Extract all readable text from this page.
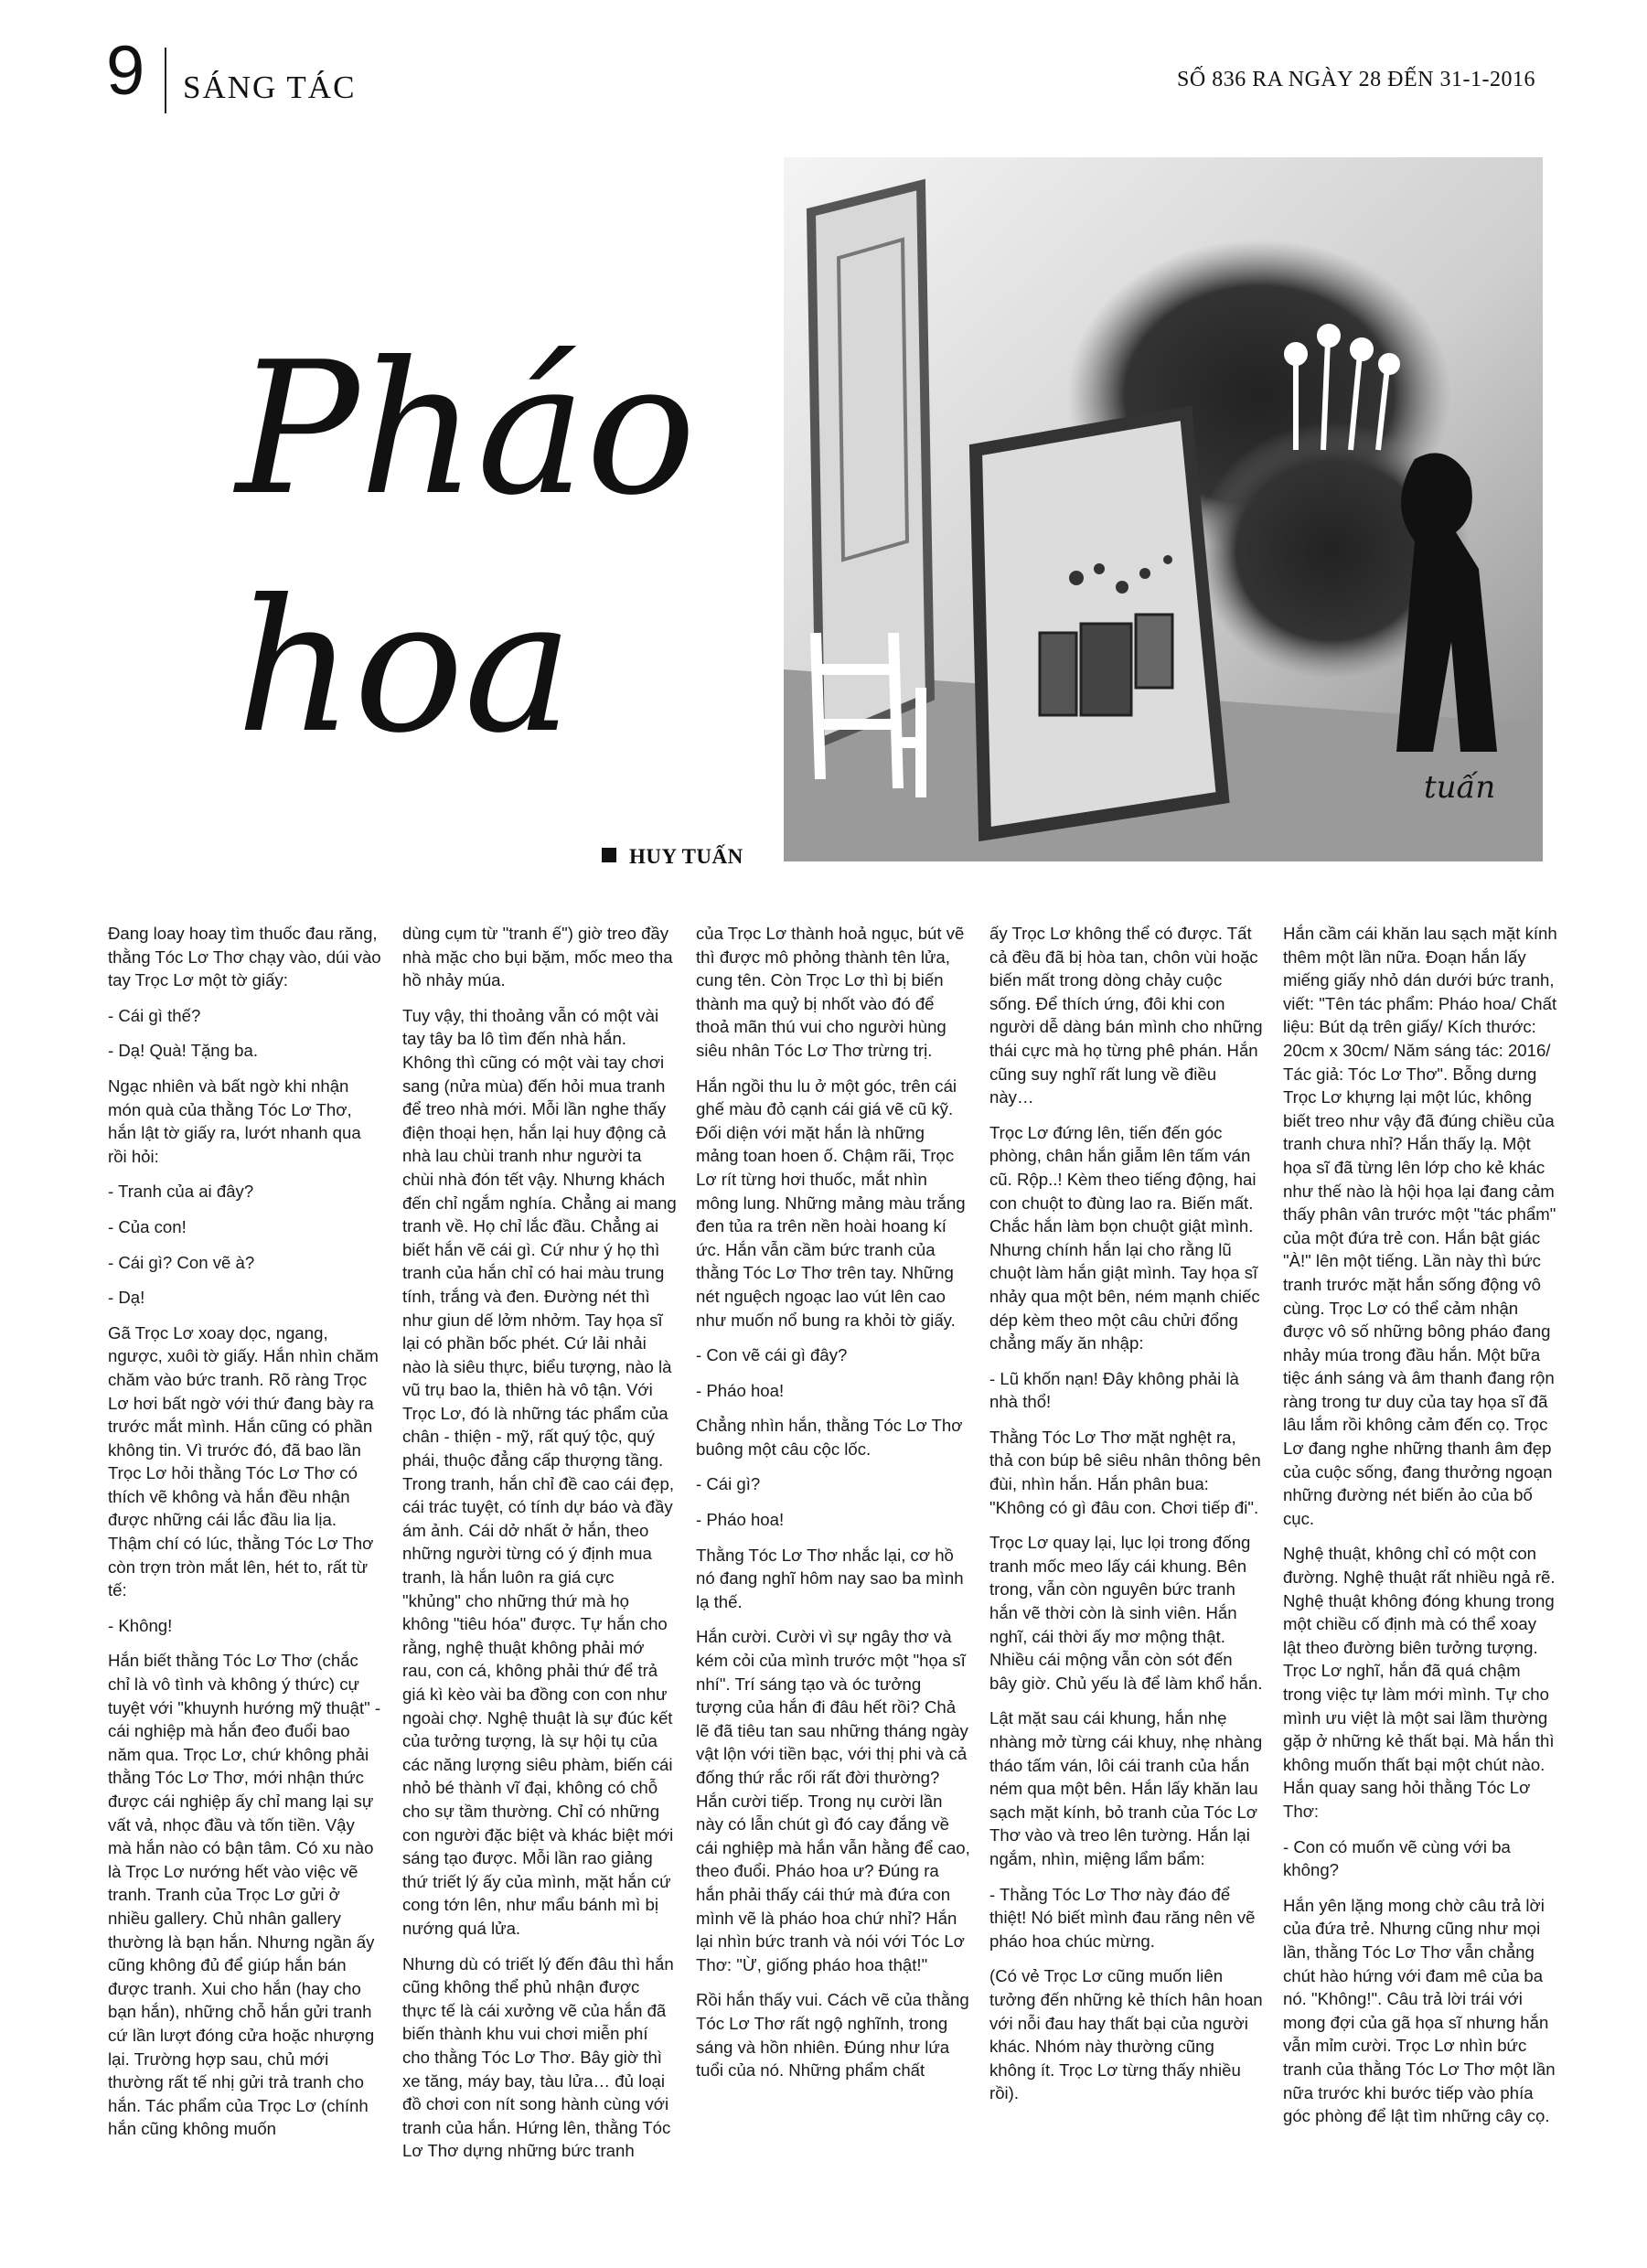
9 SÁNG TÁC	SỐ 836 RA NGÀY 28 ĐẾN 31-1-2016
Pháo
hoa
tuấn
HUY TUẤN

Đang loay hoay tìm thuốc đau răng, thằng Tóc Lơ Thơ chạy vào, dúi vào tay Trọc Lơ một tờ giấy:

- Cái gì thế?

- Dạ! Quà! Tặng ba.

Ngạc nhiên và bất ngờ khi nhận món quà của thằng Tóc Lơ Thơ, hắn lật tờ giấy ra, lướt nhanh qua rồi hỏi:

- Tranh của ai đây?

- Của con!

- Cái gì? Con vẽ à?

- Dạ!

Gã Trọc Lơ xoay dọc, ngang, ngược, xuôi tờ giấy. Hắn nhìn chăm chăm vào bức tranh. Rõ ràng Trọc Lơ hơi bất ngờ với thứ đang bày ra trước mắt mình. Hắn cũng có phần không tin. Vì trước đó, đã bao lần Trọc Lơ hỏi thằng Tóc Lơ Thơ có thích vẽ không và hắn đều nhận được những cái lắc đầu lia lịa. Thậm chí có lúc, thằng Tóc Lơ Thơ còn trợn tròn mắt lên, hét to, rất từ tế:

- Không!

Hắn biết thằng Tóc Lơ Thơ (chắc chỉ là vô tình và không ý thức) cự tuyệt với "khuynh hướng mỹ thuật" - cái nghiệp mà hắn đeo đuổi bao năm qua. Trọc Lơ, chứ không phải thằng Tóc Lơ Thơ, mới nhận thức được cái nghiệp ấy chỉ mang lại sự vất vả, nhọc đầu và tốn tiền. Vậy mà hắn nào có bận tâm. Có xu nào là Trọc Lơ nướng hết vào việc vẽ tranh. Tranh của Trọc Lơ gửi ở nhiều gallery. Chủ nhân gallery thường là bạn hắn. Nhưng ngần ấy cũng không đủ để giúp hắn bán được tranh. Xui cho hắn (hay cho bạn hắn), những chỗ hắn gửi tranh cứ lần lượt đóng cửa hoặc nhượng lại. Trường hợp sau, chủ mới thường rất tế nhị gửi trả tranh cho hắn. Tác phẩm của Trọc Lơ (chính hắn cũng không muốn

dùng cụm từ "tranh ế") giờ treo đầy nhà mặc cho bụi bặm, mốc meo tha hồ nhảy múa.

Tuy vậy, thi thoảng vẫn có một vài tay tây ba lô tìm đến nhà hắn. Không thì cũng có một vài tay chơi sang (nửa mùa) đến hỏi mua tranh để treo nhà mới. Mỗi lần nghe thấy điện thoại hẹn, hắn lại huy động cả nhà lau chùi tranh như người ta chùi nhà đón tết vậy. Nhưng khách đến chỉ ngắm nghía. Chẳng ai mang tranh về. Họ chỉ lắc đầu. Chẳng ai biết hắn vẽ cái gì. Cứ như ý họ thì tranh của hắn chỉ có hai màu trung tính, trắng và đen. Đường nét thì như giun dế lởm nhởm. Tay họa sĩ lại có phần bốc phét. Cứ lải nhải nào là siêu thực, biểu tượng, nào là vũ trụ bao la, thiên hà vô tận. Với Trọc Lơ, đó là những tác phẩm của chân - thiện - mỹ, rất quý tộc, quý phái, thuộc đẳng cấp thượng tầng. Trong tranh, hắn chỉ đề cao cái đẹp, cái trác tuyệt, có tính dự báo và đầy ám ảnh. Cái dở nhất ở hắn, theo những người từng có ý định mua tranh, là hắn luôn ra giá cực "khủng" cho những thứ mà họ không "tiêu hóa" được. Tự hắn cho rằng, nghệ thuật không phải mớ rau, con cá, không phải thứ để trả giá kì kèo vài ba đồng con con như ngoài chợ. Nghệ thuật là sự đúc kết của tưởng tượng, là sự hội tụ của các năng lượng siêu phàm, biến cái nhỏ bé thành vĩ đại, không có chỗ cho sự tầm thường. Chỉ có những con người đặc biệt và khác biệt mới sáng tạo được. Mỗi lần rao giảng thứ triết lý ấy của mình, mặt hắn cứ cong tớn lên, như mẩu bánh mì bị nướng quá lửa.

Nhưng dù có triết lý đến đâu thì hắn cũng không thể phủ nhận được thực tế là cái xưởng vẽ của hắn đã biến thành khu vui chơi miễn phí cho thằng Tóc Lơ Thơ. Bây giờ thì xe tăng, máy bay, tàu lửa… đủ loại đồ chơi con nít song hành cùng với tranh của hắn. Hứng lên, thằng Tóc Lơ Thơ dựng những bức tranh

của Trọc Lơ thành hoả ngục, bút vẽ thì được mô phỏng thành tên lửa, cung tên. Còn Trọc Lơ thì bị biến thành ma quỷ bị nhốt vào đó để thoả mãn thú vui cho người hùng siêu nhân Tóc Lơ Thơ trừng trị.

Hắn ngồi thu lu ở một góc, trên cái ghế màu đỏ cạnh cái giá vẽ cũ kỹ. Đối diện với mặt hắn là những mảng toan hoen ố. Chậm rãi, Trọc Lơ rít từng hơi thuốc, mắt nhìn mông lung. Những mảng màu trắng đen tủa ra trên nền hoài hoang kí ức. Hắn vẫn cầm bức tranh của thằng Tóc Lơ Thơ trên tay. Những nét nguệch ngoạc lao vút lên cao như muốn nổ bung ra khỏi tờ giấy.

- Con vẽ cái gì đây?

- Pháo hoa!

Chẳng nhìn hắn, thằng Tóc Lơ Thơ buông một câu cộc lốc.

- Cái gì?

- Pháo hoa!

Thằng Tóc Lơ Thơ nhắc lại, cơ hồ nó đang nghĩ hôm nay sao ba mình lạ thế.

Hắn cười. Cười vì sự ngây thơ và kém cỏi của mình trước một "họa sĩ nhí". Trí sáng tạo và óc tưởng tượng của hắn đi đâu hết rồi? Chả lẽ đã tiêu tan sau những tháng ngày vật lộn với tiền bạc, với thị phi và cả đống thứ rắc rối rất đời thường? Hắn cười tiếp. Trong nụ cười lần này có lẫn chút gì đó cay đắng về cái nghiệp mà hắn vẫn hằng để cao, theo đuổi. Pháo hoa ư? Đúng ra hắn phải thấy cái thứ mà đứa con mình vẽ là pháo hoa chứ nhỉ? Hắn lại nhìn bức tranh và nói với Tóc Lơ Thơ: "Ừ, giống pháo hoa thật!"

Rồi hắn thấy vui. Cách vẽ của thằng Tóc Lơ Thơ rất ngộ nghĩnh, trong sáng và hồn nhiên. Đúng như lứa tuổi của nó. Những phẩm chất

ấy Trọc Lơ không thể có được. Tất cả đều đã bị hòa tan, chôn vùi hoặc biến mất trong dòng chảy cuộc sống. Để thích ứng, đôi khi con người dễ dàng bán mình cho những thái cực mà họ từng phê phán. Hắn cũng suy nghĩ rất lung về điều này…

Trọc Lơ đứng lên, tiến đến góc phòng, chân hắn giẫm lên tấm ván cũ. Rộp..! Kèm theo tiếng động, hai con chuột to đùng lao ra. Biến mất. Chắc hắn làm bọn chuột giật mình. Nhưng chính hắn lại cho rằng lũ chuột làm hắn giật mình. Tay họa sĩ nhảy qua một bên, ném mạnh chiếc dép kèm theo một câu chửi đổng chẳng mấy ăn nhập:

- Lũ khốn nạn! Đây không phải là nhà thổ!

Thằng Tóc Lơ Thơ mặt nghệt ra, thả con búp bê siêu nhân thông bên đùi, nhìn hắn. Hắn phân bua: "Không có gì đâu con. Chơi tiếp đi".

Trọc Lơ quay lại, lục lọi trong đống tranh mốc meo lấy cái khung. Bên trong, vẫn còn nguyên bức tranh hắn vẽ thời còn là sinh viên. Hắn nghĩ, cái thời ấy mơ mộng thật. Nhiều cái mộng vẫn còn sót đến bây giờ. Chủ yếu là để làm khổ hắn.

Lật mặt sau cái khung, hắn nhẹ nhàng mở từng cái khuy, nhẹ nhàng tháo tấm ván, lôi cái tranh của hắn ném qua một bên. Hắn lấy khăn lau sạch mặt kính, bỏ tranh của Tóc Lơ Thơ vào và treo lên tường. Hắn lại ngắm, nhìn, miệng lẩm bẩm:

- Thằng Tóc Lơ Thơ này đáo để thiệt! Nó biết mình đau răng nên vẽ pháo hoa chúc mừng.

(Có vẻ Trọc Lơ cũng muốn liên tưởng đến những kẻ thích hân hoan với nỗi đau hay thất bại của người khác. Nhóm này thường cũng không ít. Trọc Lơ từng thấy nhiều rồi).

Hắn cầm cái khăn lau sạch mặt kính thêm một lần nữa. Đoạn hắn lấy miếng giấy nhỏ dán dưới bức tranh, viết: "Tên tác phẩm: Pháo hoa/ Chất liệu: Bút dạ trên giấy/ Kích thước: 20cm x 30cm/ Năm sáng tác: 2016/ Tác giả: Tóc Lơ Thơ". Bỗng dưng Trọc Lơ khựng lại một lúc, không biết treo như vậy đã đúng chiều của tranh chưa nhỉ? Hắn thấy lạ. Một họa sĩ đã từng lên lớp cho kẻ khác như thế nào là hội họa lại đang cảm thấy phân vân trước một "tác phẩm" của một đứa trẻ con. Hắn bật giác "À!" lên một tiếng. Lần này thì bức tranh trước mặt hắn sống động vô cùng. Trọc Lơ có thể cảm nhận được vô số những bông pháo đang nhảy múa trong đầu hắn. Một bữa tiệc ánh sáng và âm thanh đang rộn ràng trong tư duy của tay họa sĩ đã lâu lắm rồi không cảm đến cọ. Trọc Lơ đang nghe những thanh âm đẹp của cuộc sống, đang thưởng ngoạn những đường nét biến ảo của bố cục.

Nghệ thuật, không chỉ có một con đường. Nghệ thuật rất nhiều ngả rẽ. Nghệ thuật không đóng khung trong một chiều cố định mà có thể xoay lật theo đường biên tưởng tượng. Trọc Lơ nghĩ, hắn đã quá chậm trong việc tự làm mới mình. Tự cho mình ưu việt là một sai lầm thường gặp ở những kẻ thất bại. Mà hắn thì không muốn thất bại một chút nào. Hắn quay sang hỏi thằng Tóc Lơ Thơ:

- Con có muốn vẽ cùng với ba không?

Hắn yên lặng mong chờ câu trả lời của đứa trẻ. Nhưng cũng như mọi lần, thằng Tóc Lơ Thơ vẫn chẳng chút hào hứng với đam mê của ba nó. "Không!". Câu trả lời trái với mong đợi của gã họa sĩ nhưng hắn vẫn mỉm cười. Trọc Lơ nhìn bức tranh của thằng Tóc Lơ Thơ một lần nữa trước khi bước tiếp vào phía góc phòng để lật tìm những cây cọ.
